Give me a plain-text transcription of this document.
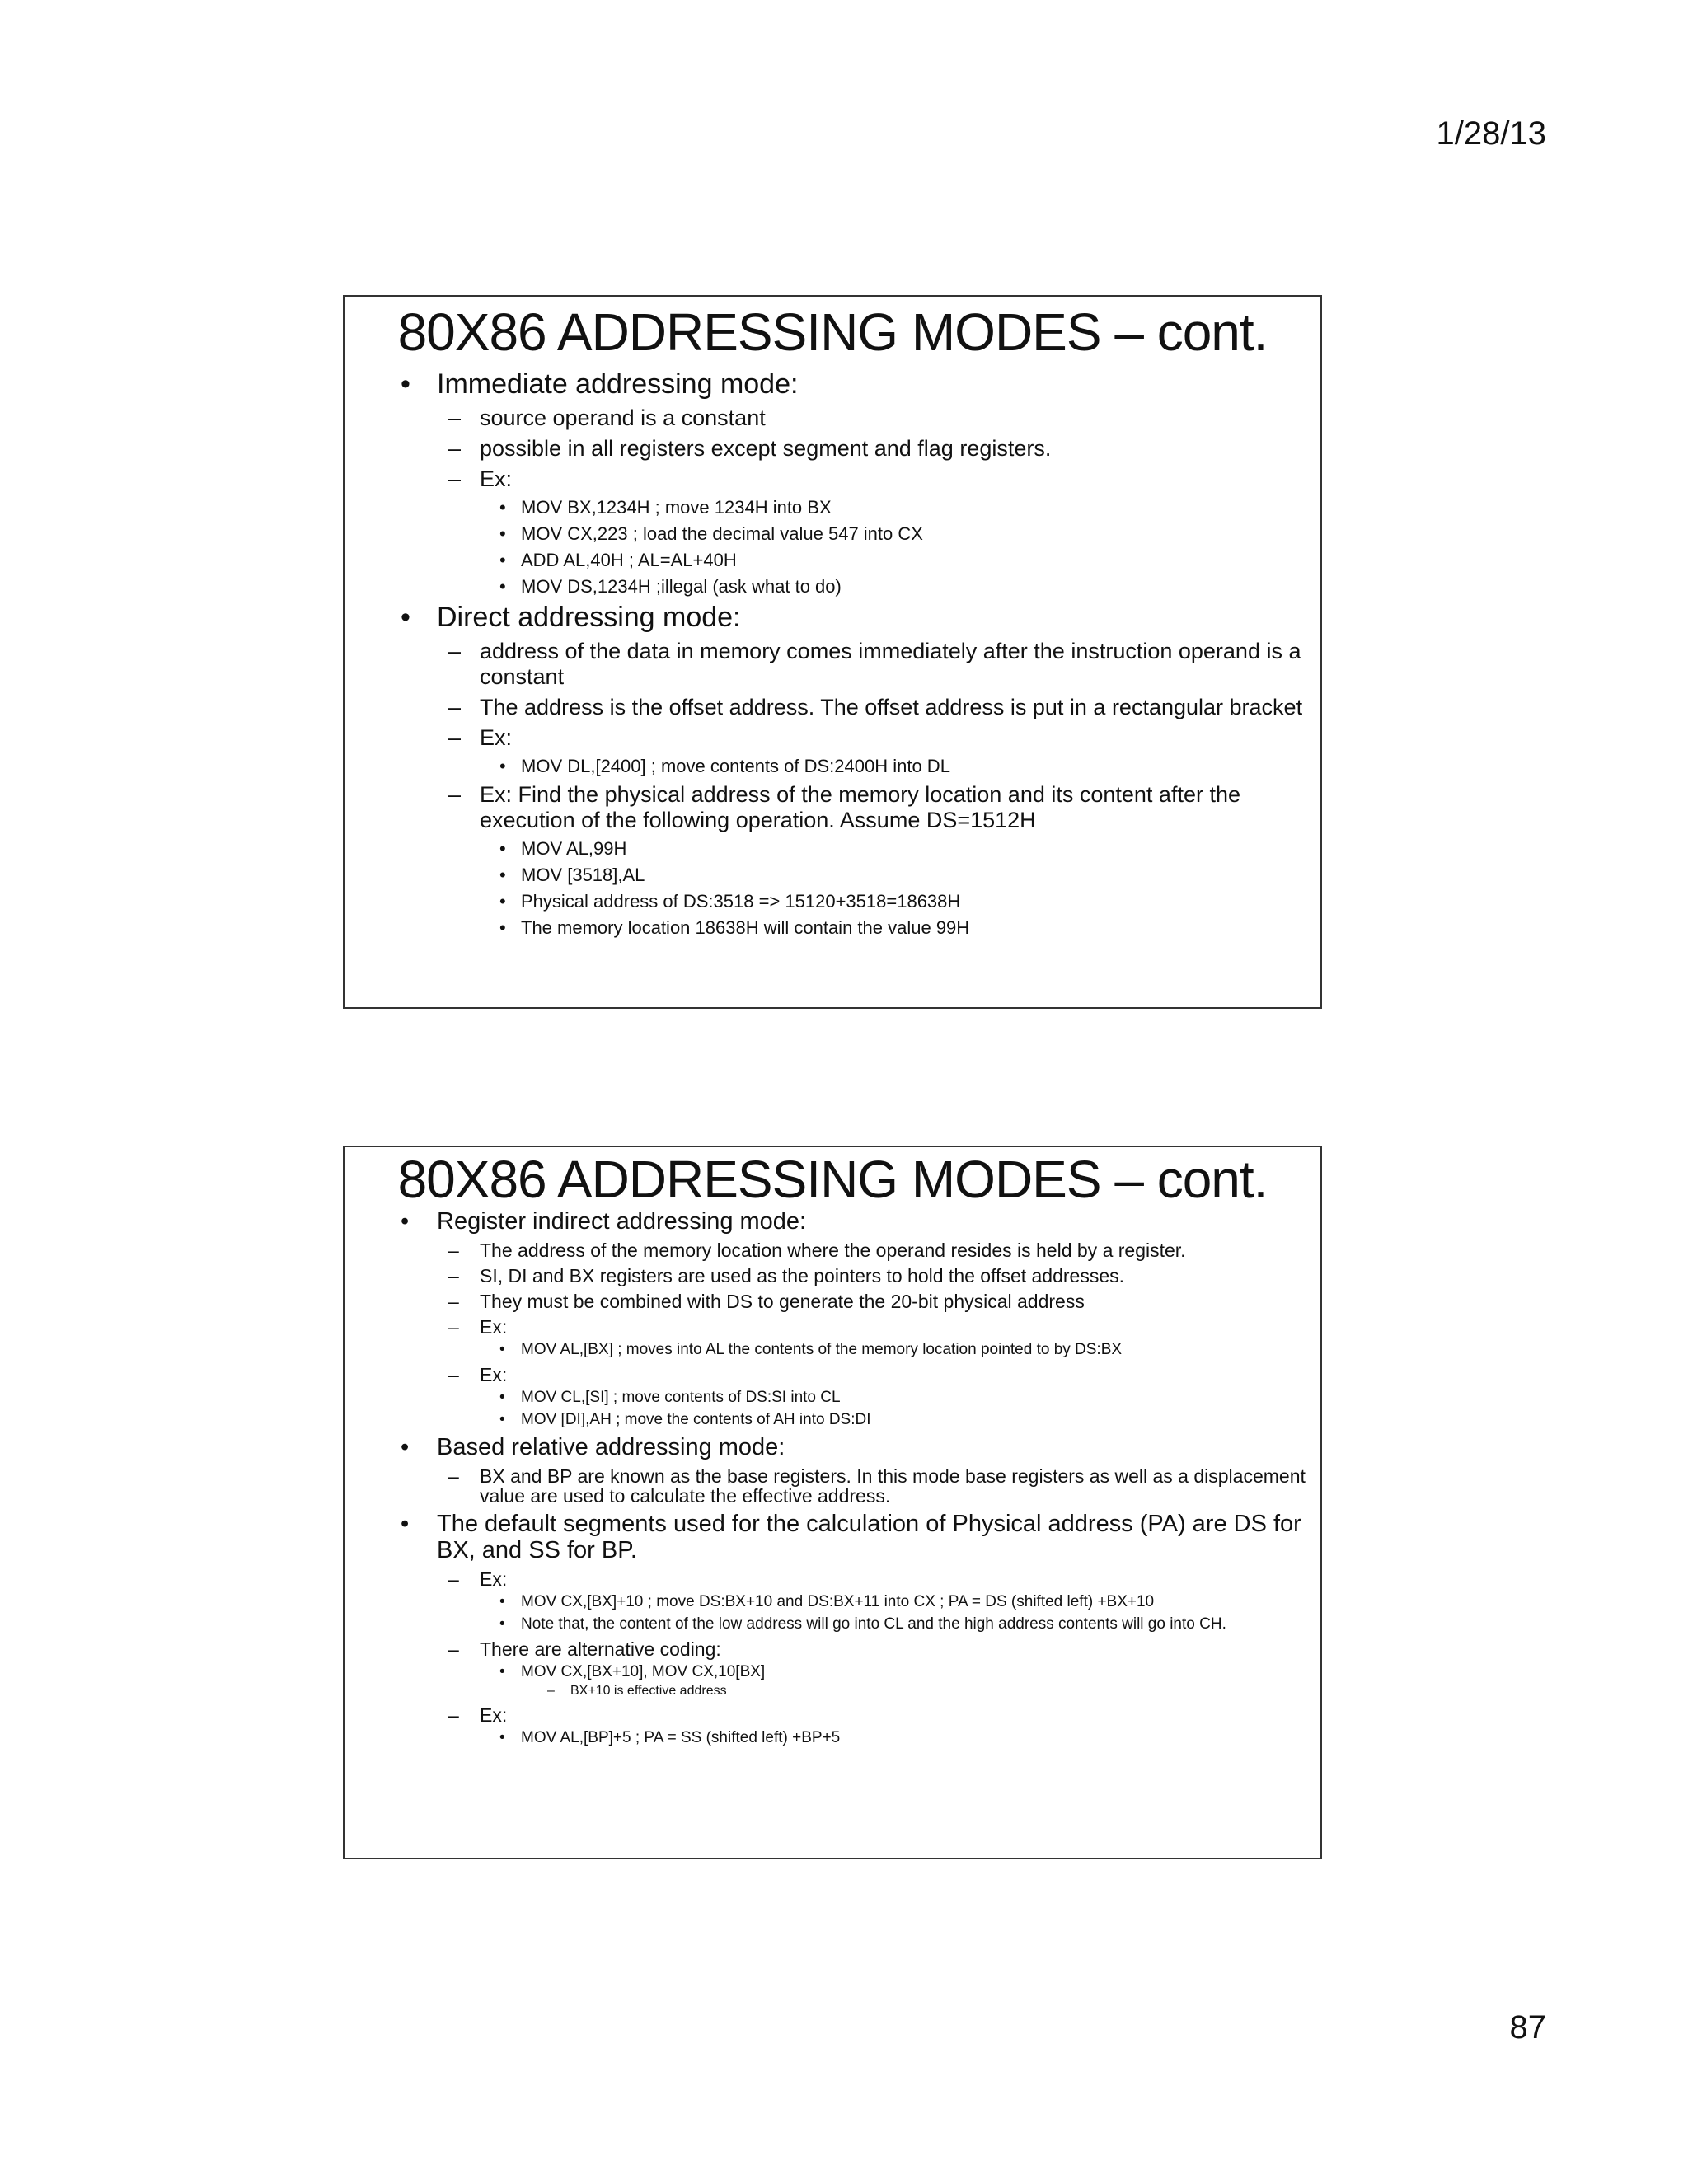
1/28/13
80X86 ADDRESSING MODES – cont.
• Immediate addressing mode:
– source operand is a constant
– possible in all registers except segment and flag registers.
– Ex:
• MOV BX,1234H ; move 1234H into BX
• MOV CX,223 ; load the decimal value 547 into CX
• ADD AL,40H ; AL=AL+40H
• MOV DS,1234H ;illegal (ask what to do)
• Direct addressing mode:
– address of the data in memory comes immediately after the instruction operand is a constant
– The address is the offset address. The offset address is put in a rectangular bracket
– Ex:
• MOV DL,[2400] ; move contents of DS:2400H into DL
– Ex: Find the physical address of the memory location and its content after the execution of the following operation. Assume DS=1512H
• MOV AL,99H
• MOV [3518],AL
• Physical address of DS:3518 => 15120+3518=18638H
• The memory location 18638H will contain the value 99H
80X86 ADDRESSING MODES – cont.
• Register indirect addressing mode:
– The address of the memory location where the operand resides is held by a register.
– SI, DI and BX registers are used as the pointers to hold the offset addresses.
– They must be combined with DS to generate the 20-bit physical address
– Ex:
• MOV AL,[BX] ; moves into AL the contents of the memory location pointed to by DS:BX
– Ex:
• MOV CL,[SI] ; move contents of DS:SI into CL
• MOV [DI],AH ; move the contents of AH into DS:DI
• Based relative addressing mode:
– BX and BP are known as the base registers. In this mode base registers as well as a displacement value are used to calculate the effective address.
• The default segments used for the calculation of Physical address (PA) are DS for BX, and SS for BP.
– Ex:
• MOV CX,[BX]+10 ; move DS:BX+10 and DS:BX+11 into CX ; PA = DS (shifted left) +BX+10
• Note that, the content of the low address will go into CL and the high address contents will go into CH.
– There are alternative coding:
• MOV CX,[BX+10], MOV CX,10[BX]
– BX+10 is effective address
– Ex:
• MOV AL,[BP]+5 ; PA = SS (shifted left) +BP+5
87
